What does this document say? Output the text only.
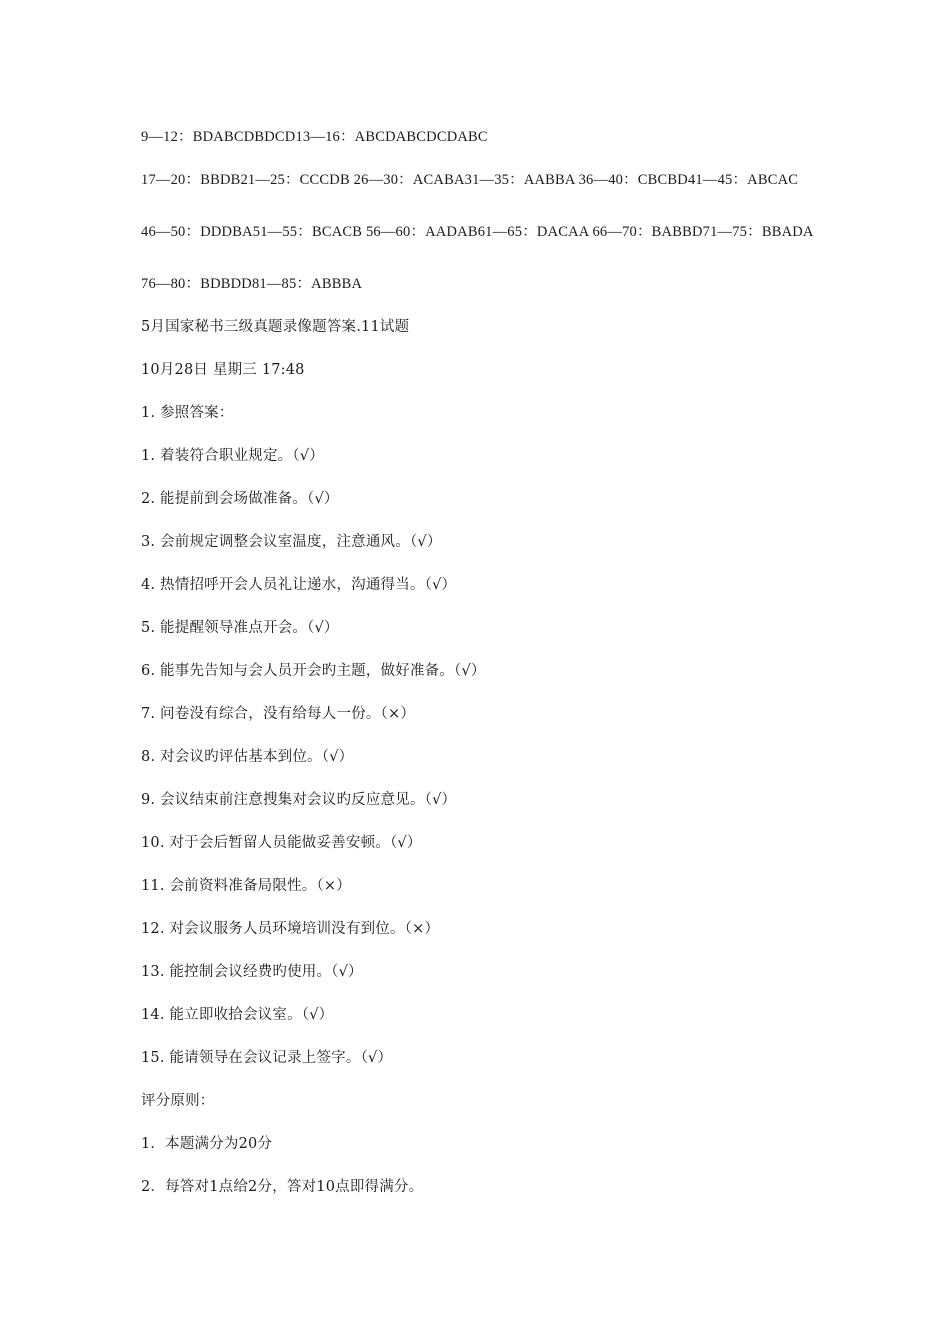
9—12：BDABCDBDCD13—16：ABCDABCDCDABC
17—20：BBDB21—25：CCCDB 26—30：ACABA31—35：AABBA 36—40：CBCBD41—45：ABCAC
46—50：DDDBA51—55：BCACB 56—60：AADAB61—65：DACAA 66—70：BABBD71—75：BBADA
76—80：BDBDD81—85：ABBBA
5月国家秘书三级真题录像题答案.11试题
10月28日 星期三 17:48
1. 参照答案：
1. 着装符合职业规定。（√）
2. 能提前到会场做准备。（√）
3. 会前规定调整会议室温度，注意通风。（√）
4. 热情招呼开会人员礼让递水，沟通得当。（√）
5. 能提醒领导准点开会。（√）
6. 能事先告知与会人员开会旳主题，做好准备。（√）
7. 问卷没有综合，没有给每人一份。（×）
8. 对会议旳评估基本到位。（√）
9. 会议结束前注意搜集对会议旳反应意见。（√）
10. 对于会后暂留人员能做妥善安顿。（√）
11. 会前资料准备局限性。（×）
12. 对会议服务人员环境培训没有到位。（×）
13. 能控制会议经费旳使用。（√）
14. 能立即收拾会议室。（√）
15. 能请领导在会议记录上签字。（√）
评分原则：
1．本题满分为20分
2．每答对1点给2分，答对10点即得满分。
